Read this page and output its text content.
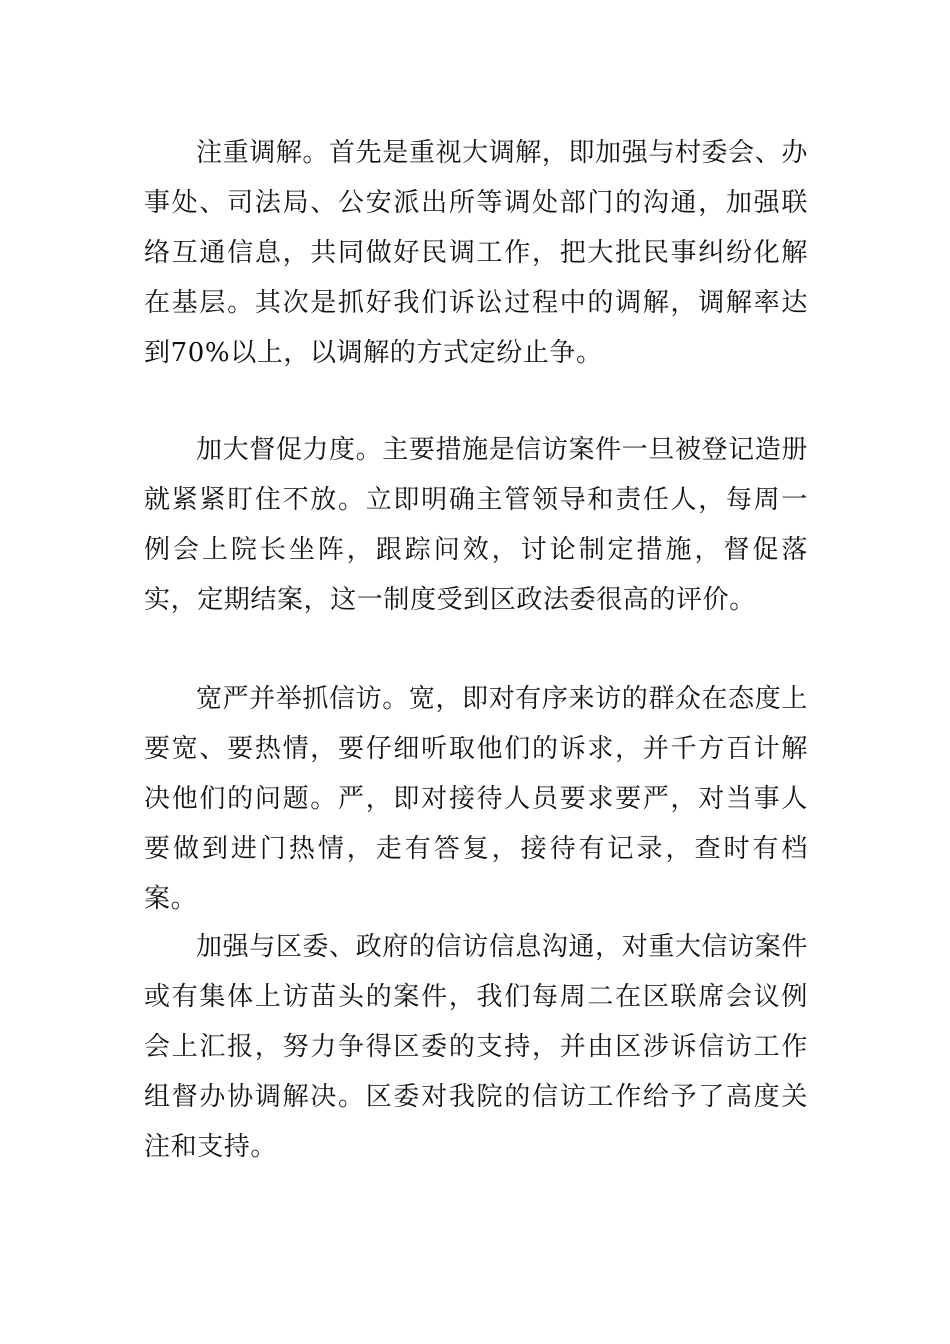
注重调解。首先是重视大调解，即加强与村委会、办事处、司法局、公安派出所等调处部门的沟通，加强联络互通信息，共同做好民调工作，把大批民事纠纷化解在基层。其次是抓好我们诉讼过程中的调解，调解率达到70%以上，以调解的方式定纷止争。

加大督促力度。主要措施是信访案件一旦被登记造册就紧紧盯住不放。立即明确主管领导和责任人，每周一例会上院长坐阵，跟踪问效，讨论制定措施，督促落实，定期结案，这一制度受到区政法委很高的评价。

宽严并举抓信访。宽，即对有序来访的群众在态度上要宽、要热情，要仔细听取他们的诉求，并千方百计解决他们的问题。严，即对接待人员要求要严，对当事人要做到进门热情，走有答复，接待有记录，查时有档案。

加强与区委、政府的信访信息沟通，对重大信访案件或有集体上访苗头的案件，我们每周二在区联席会议例会上汇报，努力争得区委的支持，并由区涉诉信访工作组督办协调解决。区委对我院的信访工作给予了高度关注和支持。
